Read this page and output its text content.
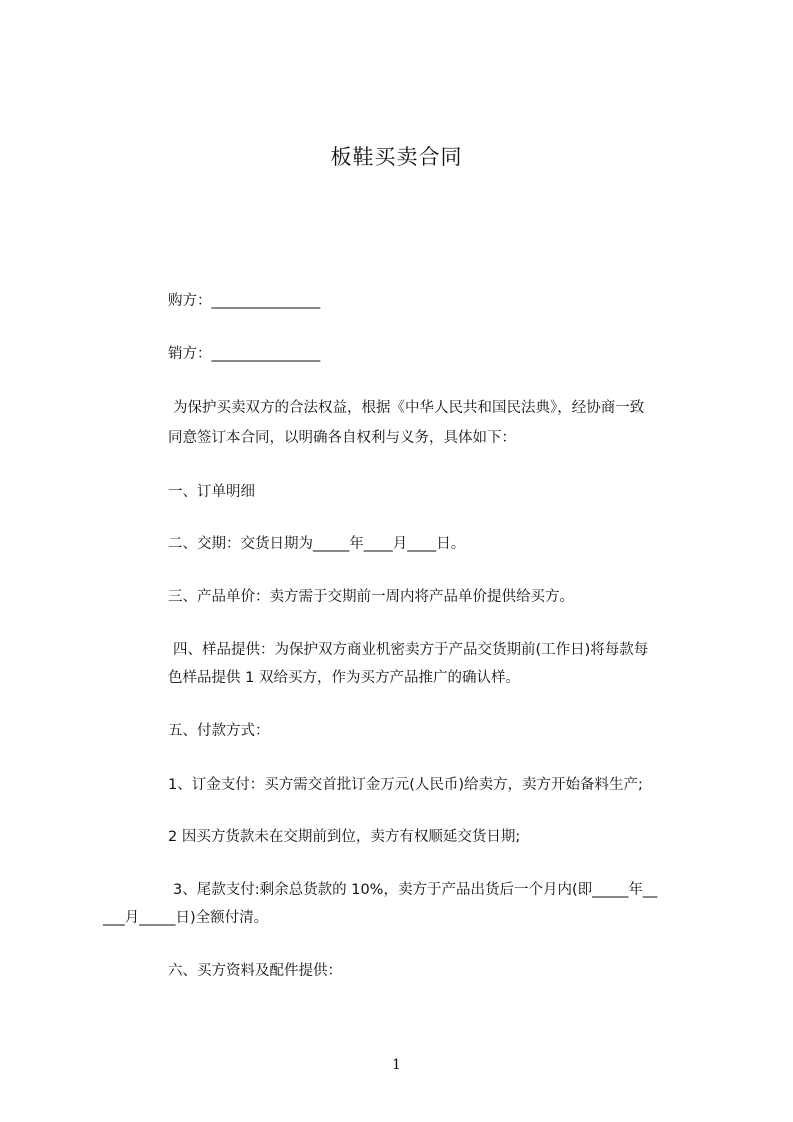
板鞋买卖合同
购方：_______________
销方：_______________
为保护买卖双方的合法权益，根据《中华人民共和国民法典》，经协商一致
同意签订本合同，以明确各自权利与义务，具体如下：
一、订单明细
二、交期：交货日期为_____年____月____日。
三、产品单价：卖方需于交期前一周内将产品单价提供给买方。
四、样品提供：为保护双方商业机密卖方于产品交货期前(工作日)将每款每
色样品提供 1 双给买方，作为买方产品推广的确认样。
五、付款方式：
1、订金支付：买方需交首批订金万元(人民币)给卖方，卖方开始备料生产;
2 因买方货款未在交期前到位，卖方有权顺延交货日期;
3、尾款支付:剩余总货款的 10%，卖方于产品出货后一个月内(即_____年__
___月_____日)全额付清。
六、买方资料及配件提供：
1
